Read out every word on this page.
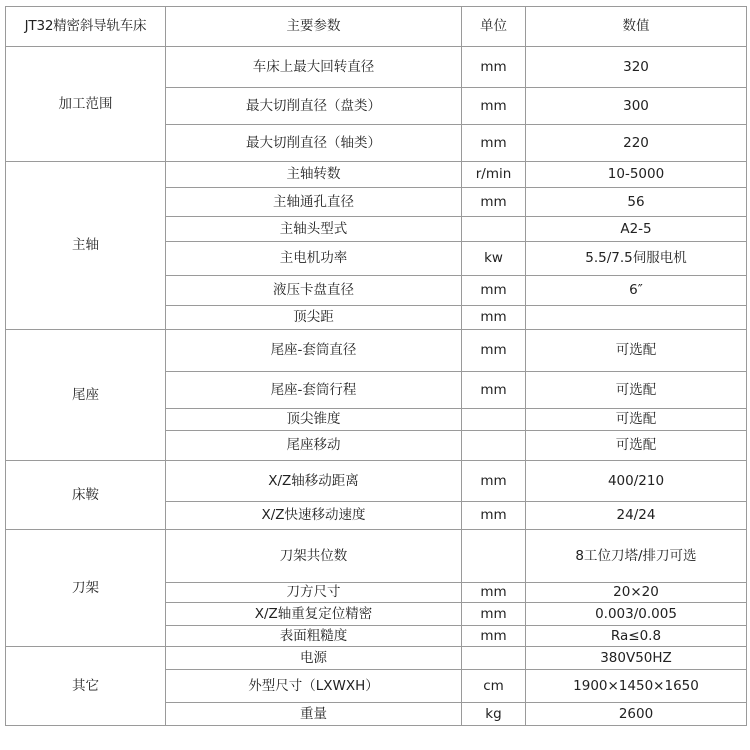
JT32精密斜导轨车床	主要参数	单位	数值
加工范围	车床上最大回转直径	mm	320
	最大切削直径（盘类）	mm	300
	最大切削直径（轴类）	mm	220
主轴	主轴转数	r/min	10-5000
	主轴通孔直径	mm	56
	主轴头型式		A2-5
	主电机功率	kw	5.5/7.5伺服电机
	液压卡盘直径	mm	6″
	顶尖距	mm	
尾座	尾座-套筒直径	mm	可选配
	尾座-套筒行程	mm	可选配
	顶尖锥度		可选配
	尾座移动		可选配
床鞍	X/Z轴移动距离	mm	400/210
	X/Z快速移动速度	mm	24/24
刀架	刀架共位数		8工位刀塔/排刀可选
	刀方尺寸	mm	20×20
	X/Z轴重复定位精密	mm	0.003/0.005
	表面粗糙度	mm	Ra≤0.8
其它	电源		380V50HZ
	外型尺寸（LXWXH）	cm	1900×1450×1650
	重量	kg	2600
